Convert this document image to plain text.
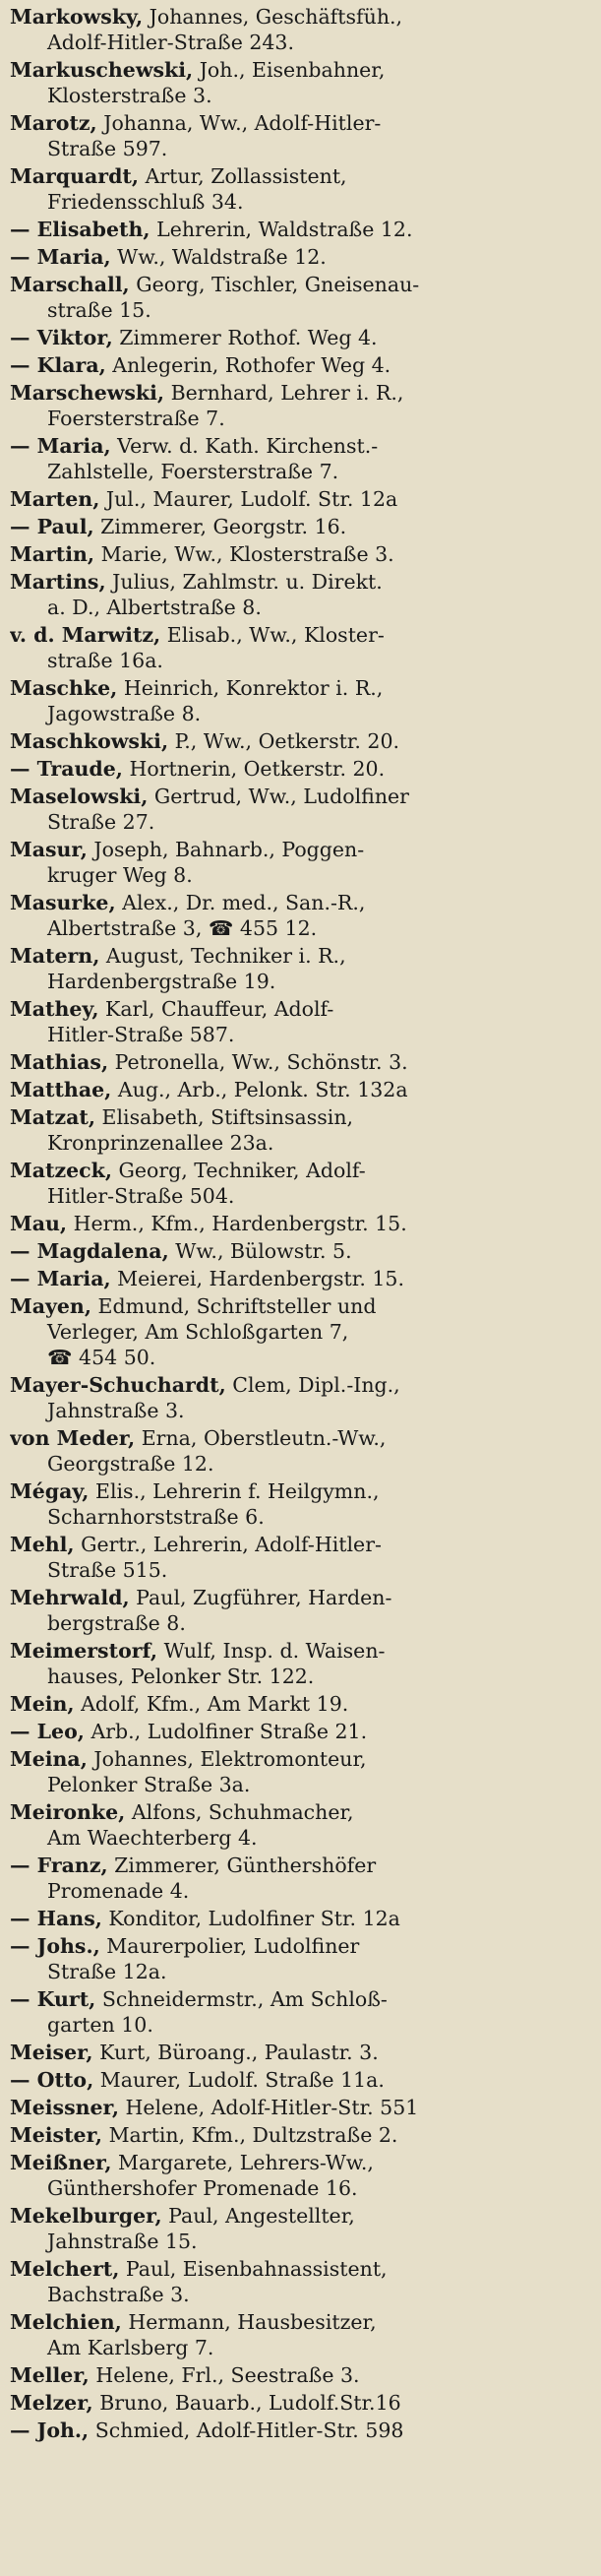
Markowsky, Johannes, Geschäftsfüh.,
Adolf-Hitler-Straße 243.
Markuschewski, Joh., Eisenbahner,
Klosterstraße 3.
Marotz, Johanna, Ww., Adolf-Hitler-
Straße 597.
Marquardt, Artur, Zollassistent,
Friedensschluß 34.
— Elisabeth, Lehrerin, Waldstraße 12.
— Maria, Ww., Waldstraße 12.
Marschall, Georg, Tischler, Gneisenau-
straße 15.
— Viktor, Zimmerer Rothof. Weg 4.
— Klara, Anlegerin, Rothofer Weg 4.
Marschewski, Bernhard, Lehrer i. R.,
Foersterstraße 7.
— Maria, Verw. d. Kath. Kirchenst.-
Zahlstelle, Foersterstraße 7.
Marten, Jul., Maurer, Ludolf. Str. 12a
— Paul, Zimmerer, Georgstr. 16.
Martin, Marie, Ww., Klosterstraße 3.
Martins, Julius, Zahlmstr. u. Direkt.
a. D., Albertstraße 8.
v. d. Marwitz, Elisab., Ww., Kloster-
straße 16a.
Maschke, Heinrich, Konrektor i. R.,
Jagowstraße 8.
Maschkowski, P., Ww., Oetkerstr. 20.
— Traude, Hortnerin, Oetkerstr. 20.
Maselowski, Gertrud, Ww., Ludolfiner
Straße 27.
Masur, Joseph, Bahnarb., Poggen-
kruger Weg 8.
Masurke, Alex., Dr. med., San.-R.,
Albertstraße 3, ☎ 455 12.
Matern, August, Techniker i. R.,
Hardenbergstraße 19.
Mathey, Karl, Chauffeur, Adolf-
Hitler-Straße 587.
Mathias, Petronella, Ww., Schönstr. 3.
Matthae, Aug., Arb., Pelonk. Str. 132a
Matzat, Elisabeth, Stiftsinsassin,
Kronprinzenallee 23a.
Matzeck, Georg, Techniker, Adolf-
Hitler-Straße 504.
Mau, Herm., Kfm., Hardenbergstr. 15.
— Magdalena, Ww., Bülowstr. 5.
— Maria, Meierei, Hardenbergstr. 15.
Mayen, Edmund, Schriftsteller und
Verleger, Am Schloßgarten 7,
☎ 454 50.
Mayer-Schuchardt, Clem, Dipl.-Ing.,
Jahnstraße 3.
von Meder, Erna, Oberstleutn.-Ww.,
Georgstraße 12.
Mégay, Elis., Lehrerin f. Heilgymn.,
Scharnhorststraße 6.
Mehl, Gertr., Lehrerin, Adolf-Hitler-
Straße 515.
Mehrwald, Paul, Zugführer, Harden-
bergstraße 8.
Meimerstorf, Wulf, Insp. d. Waisen-
hauses, Pelonker Str. 122.
Mein, Adolf, Kfm., Am Markt 19.
— Leo, Arb., Ludolfiner Straße 21.
Meina, Johannes, Elektromonteur,
Pelonker Straße 3a.
Meironke, Alfons, Schuhmacher,
Am Waechterberg 4.
— Franz, Zimmerer, Günthershöfer
Promenade 4.
— Hans, Konditor, Ludolfiner Str. 12a
— Johs., Maurerpolier, Ludolfiner
Straße 12a.
— Kurt, Schneidermstr., Am Schloß-
garten 10.
Meiser, Kurt, Büroang., Paulastr. 3.
— Otto, Maurer, Ludolf. Straße 11a.
Meissner, Helene, Adolf-Hitler-Str. 551
Meister, Martin, Kfm., Dultzstraße 2.
Meißner, Margarete, Lehrers-Ww.,
Günthershofer Promenade 16.
Mekelburger, Paul, Angestellter,
Jahnstraße 15.
Melchert, Paul, Eisenbahnassistent,
Bachstraße 3.
Melchien, Hermann, Hausbesitzer,
Am Karlsberg 7.
Meller, Helene, Frl., Seestraße 3.
Melzer, Bruno, Bauarb., Ludolf.Str.16
— Joh., Schmied, Adolf-Hitler-Str. 598
